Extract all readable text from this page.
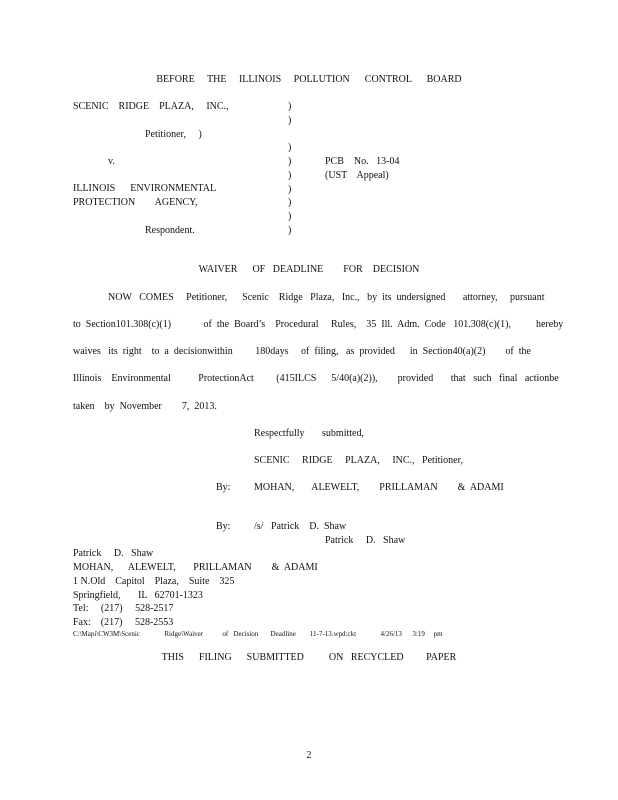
BEFORE     THE     ILLINOIS     POLLUTION      CONTROL      BOARD
SCENIC    RIDGE    PLAZA,     INC.,
Petitioner,     )
v.
ILLINOIS      ENVIRONMENTAL
PROTECTION        AGENCY,
Respondent.
PCB    No.   13-04
(UST    Appeal)
)
)
)
)
)
)
)
)
)
WAIVER      OF   DEADLINE        FOR    DECISION
NOW   COMES     Petitioner,      Scenic    Ridge   Plaza,   Inc.,   by  its  undersigned       attorney,     pursuant
to  Section101.308(c)(1)             of  the  Board’s    Procedural     Rules,    35  Ill.  Adm.  Code   101.308(c)(1),          hereby
waives   its  right    to  a  decisionwithin         180days     of  filing,   as  provided      in  Section40(a)(2)        of  the
Illinois    Environmental           ProtectionAct         (415ILCS      5/40(a)(2)),        provided       that   such   final   actionbe
taken    by  November        7,  2013.
Respectfully       submitted,
SCENIC     RIDGE     PLAZA,     INC.,   Petitioner,
By: MOHAN,       ALEWELT,        PRILLAMAN        &  ADAMI
By: /s/   Patrick    D.  Shaw
Patrick     D.   Shaw
Patrick     D.   Shaw
MOHAN,      ALEWELT,       PRILLAMAN        &  ADAMI
1 N.Old    Capitol    Plaza,    Suite    325
Springfield,       IL   62701-1323
Tel:     (217)     528-2517
Fax:    (217)     528-2553
C:\Mapi\CW3M\Scenic              Ridge\Waiver           of   Decision       Deadline        11-7-13.wpd:ckt              4/26/13      3:19     pm
THIS      FILING      SUBMITTED          ON   RECYCLED         PAPER
2
